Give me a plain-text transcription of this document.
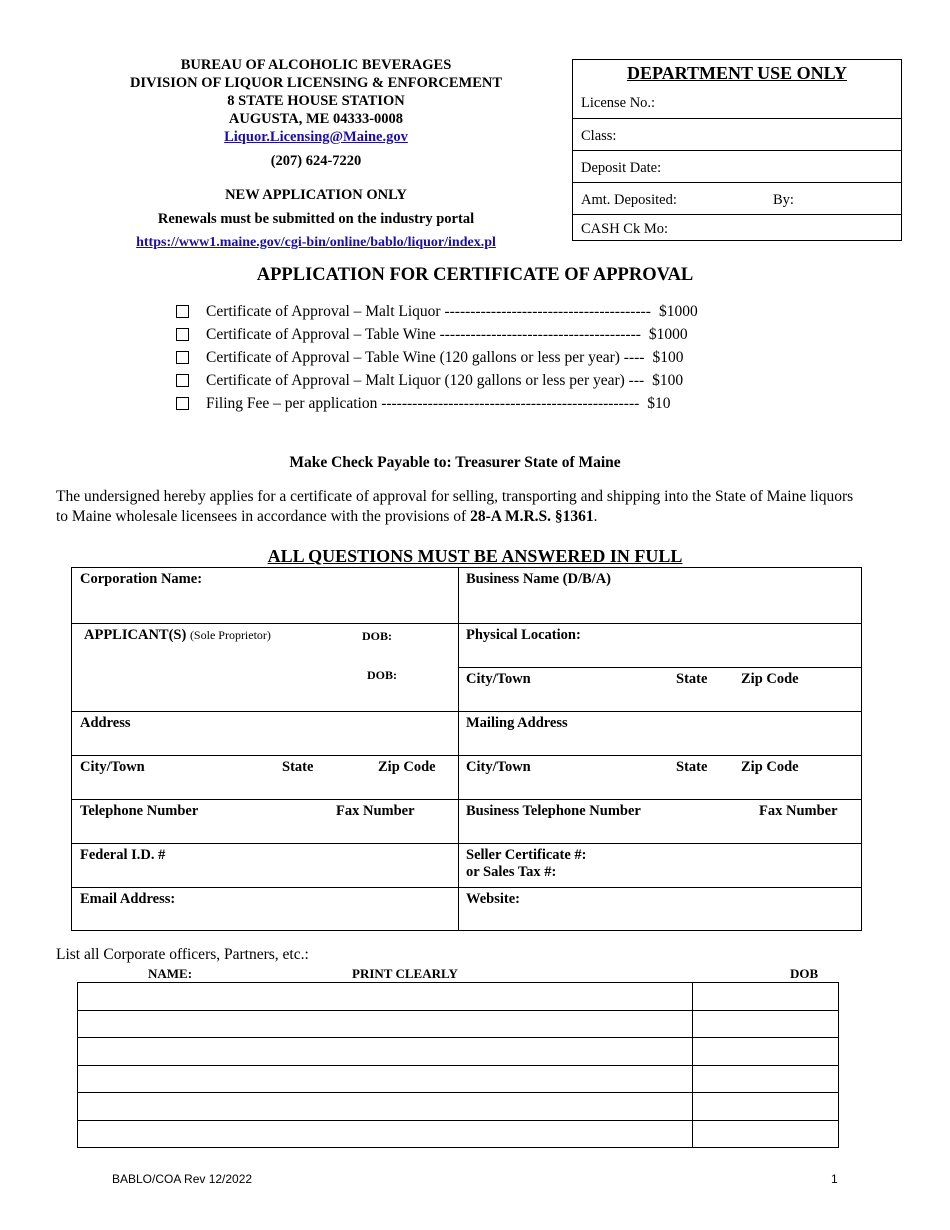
BUREAU OF ALCOHOLIC BEVERAGES
DIVISION OF LIQUOR LICENSING & ENFORCEMENT
8 STATE HOUSE STATION
AUGUSTA, ME 04333-0008
Liquor.Licensing@Maine.gov
(207) 624-7220
NEW APPLICATION ONLY
Renewals must be submitted on the industry portal
https://www1.maine.gov/cgi-bin/online/bablo/liquor/index.pl
DEPARTMENT USE ONLY
License No.:
Class:
Deposit Date:
Amt. Deposited:	By:
CASH Ck Mo:
APPLICATION FOR CERTIFICATE OF APPROVAL
Certificate of Approval – Malt Liquor ---------------------------------------- $1000
Certificate of Approval – Table Wine --------------------------------------- $1000
Certificate of Approval – Table Wine (120 gallons or less per year) ---- $100
Certificate of Approval – Malt Liquor (120 gallons or less per year) --- $100
Filing Fee – per application -------------------------------------------------- $10
Make Check Payable to: Treasurer State of Maine
The undersigned hereby applies for a certificate of approval for selling, transporting and shipping into the State of Maine liquors to Maine wholesale licensees in accordance with the provisions of 28-A M.R.S. §1361.
ALL QUESTIONS MUST BE ANSWERED IN FULL
Corporation Name:	Business Name (D/B/A)
APPLICANT(S) (Sole Proprietor)	DOB:	Physical Location:
DOB:	City/Town	State Zip Code
Address	Mailing Address
City/Town	State	Zip Code	City/Town	State Zip Code
Telephone Number	Fax Number	Business Telephone Number	Fax Number
Federal I.D. #	Seller Certificate #:
or Sales Tax #:
Email Address:	Website:
List all Corporate officers, Partners, etc.:
NAME:	PRINT CLEARLY	DOB
BABLO/COA Rev 12/2022	1
